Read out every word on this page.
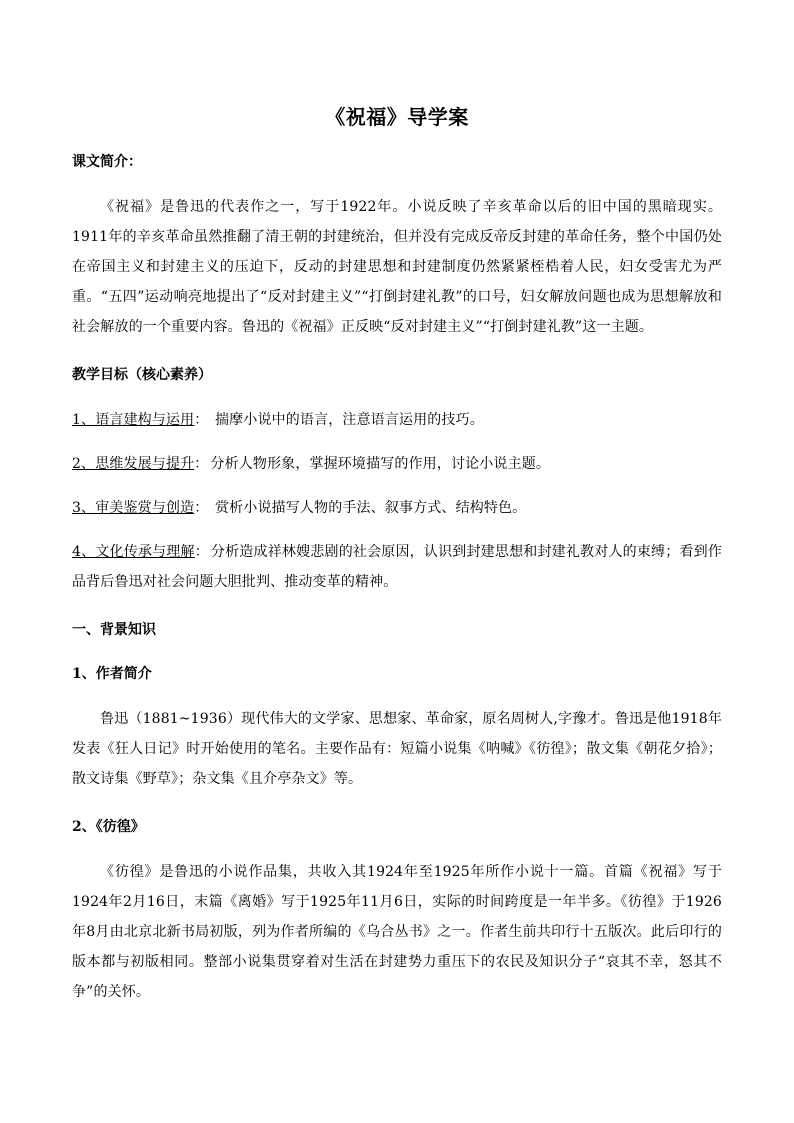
《祝福》导学案
课文简介：

《祝福》是鲁迅的代表作之一，写于1922年。小说反映了辛亥革命以后的旧中国的黑暗现实。1911年的辛亥革命虽然推翻了清王朝的封建统治，但并没有完成反帝反封建的革命任务，整个中国仍处在帝国主义和封建主义的压迫下，反动的封建思想和封建制度仍然紧紧桎梏着人民，妇女受害尤为严重。“五四”运动响亮地提出了“反对封建主义”“打倒封建礼教”的口号，妇女解放问题也成为思想解放和社会解放的一个重要内容。鲁迅的《祝福》正反映“反对封建主义”“打倒封建礼教”这一主题。

教学目标（核心素养）

1、语言建构与运用： 揣摩小说中的语言，注意语言运用的技巧。

2、思维发展与提升： 分析人物形象，掌握环境描写的作用，讨论小说主题。

3、审美鉴赏与创造： 赏析小说描写人物的手法、叙事方式、结构特色。

4、文化传承与理解： 分析造成祥林嫂悲剧的社会原因，认识到封建思想和封建礼教对人的束缚；看到作品背后鲁迅对社会问题大胆批判、推动变革的精神。

一、背景知识
1、作者简介

鲁迅（1881~1936）现代伟大的文学家、思想家、革命家，原名周树人,字豫才。鲁迅是他1918年发表《狂人日记》时开始使用的笔名。主要作品有：短篇小说集《呐喊》《彷徨》；散文集《朝花夕拾》；散文诗集《野草》；杂文集《且介亭杂文》等。

2、《彷徨》

《彷徨》是鲁迅的小说作品集，共收入其1924年至1925年所作小说十一篇。首篇《祝福》写于1924年2月16日，末篇《离婚》写于1925年11月6日，实际的时间跨度是一年半多。《彷徨》于1926年8月由北京北新书局初版，列为作者所编的《乌合丛书》之一。作者生前共印行十五版次。此后印行的版本都与初版相同。整部小说集贯穿着对生活在封建势力重压下的农民及知识分子“哀其不幸，怒其不争”的关怀。
